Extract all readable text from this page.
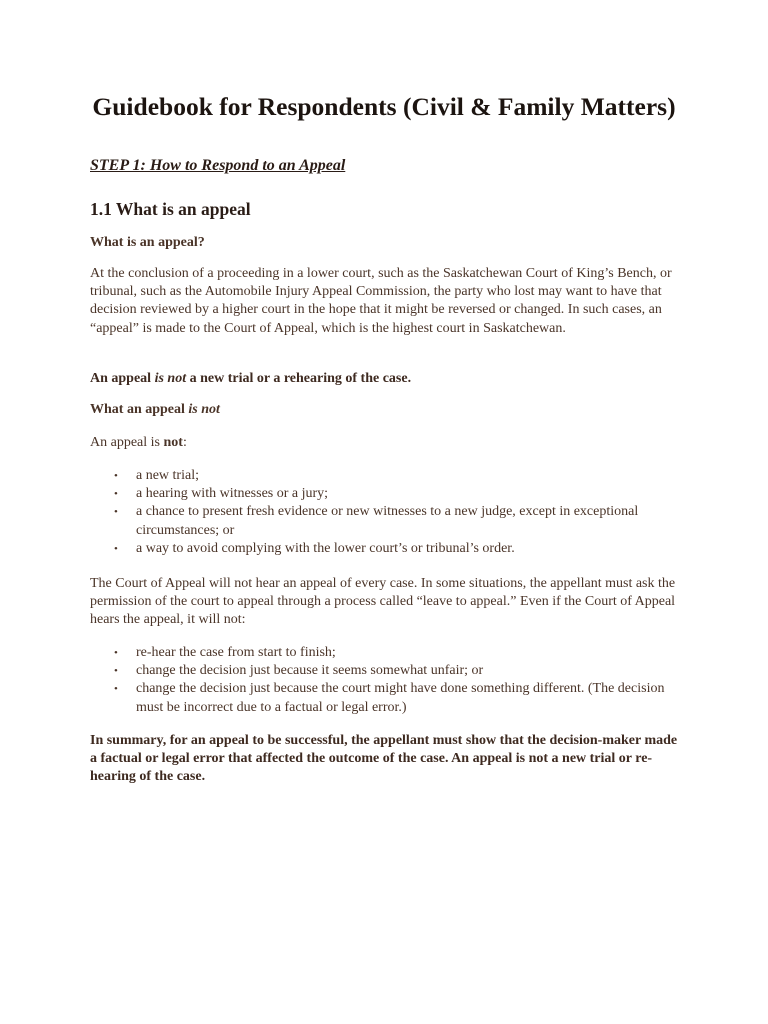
Guidebook for Respondents (Civil & Family Matters)
STEP 1: How to Respond to an Appeal
1.1 What is an appeal

What is an appeal?

At the conclusion of a proceeding in a lower court, such as the Saskatchewan Court of King’s Bench, or tribunal, such as the Automobile Injury Appeal Commission, the party who lost may want to have that decision reviewed by a higher court in the hope that it might be reversed or changed. In such cases, an “appeal” is made to the Court of Appeal, which is the highest court in Saskatchewan.

An appeal is not a new trial or a rehearing of the case.

What an appeal is not

An appeal is not:

• a new trial;
• a hearing with witnesses or a jury;
• a chance to present fresh evidence or new witnesses to a new judge, except in exceptional circumstances; or
• a way to avoid complying with the lower court’s or tribunal’s order.

The Court of Appeal will not hear an appeal of every case. In some situations, the appellant must ask the permission of the court to appeal through a process called “leave to appeal.” Even if the Court of Appeal hears the appeal, it will not:

• re-hear the case from start to finish;
• change the decision just because it seems somewhat unfair; or
• change the decision just because the court might have done something different. (The decision must be incorrect due to a factual or legal error.)

In summary, for an appeal to be successful, the appellant must show that the decision-maker made a factual or legal error that affected the outcome of the case. An appeal is not a new trial or re-hearing of the case.
